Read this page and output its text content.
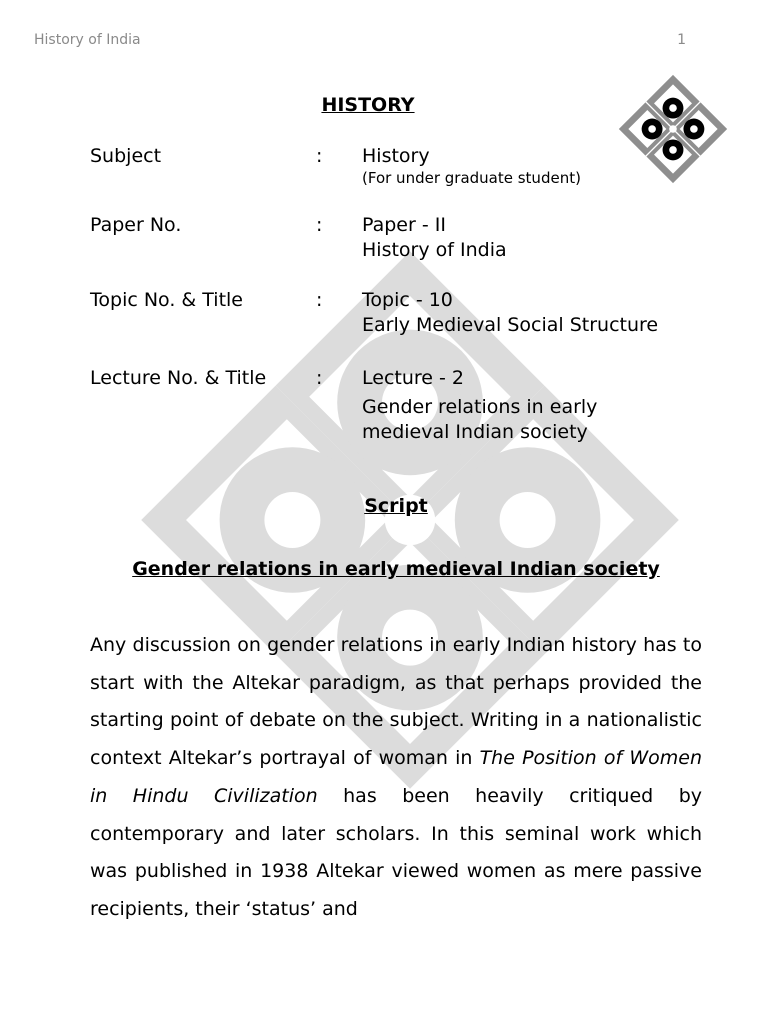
History of India	1
HISTORY
Subject	: History
(For under graduate student)
Paper No.	: Paper - II
History of India
Topic No. & Title	: Topic - 10
Early Medieval Social Structure
Lecture No. & Title	: Lecture - 2
Gender relations in early
medieval Indian society
Script
Gender relations in early medieval Indian society

Any discussion on gender relations in early Indian history has to start with the Altekar paradigm, as that perhaps provided the starting point of debate on the subject. Writing in a nationalistic context Altekar’s portrayal of woman in The Position of Women in Hindu Civilization has been heavily critiqued by contemporary and later scholars. In this seminal work which was published in 1938 Altekar viewed women as mere passive recipients, their ‘status’ and
